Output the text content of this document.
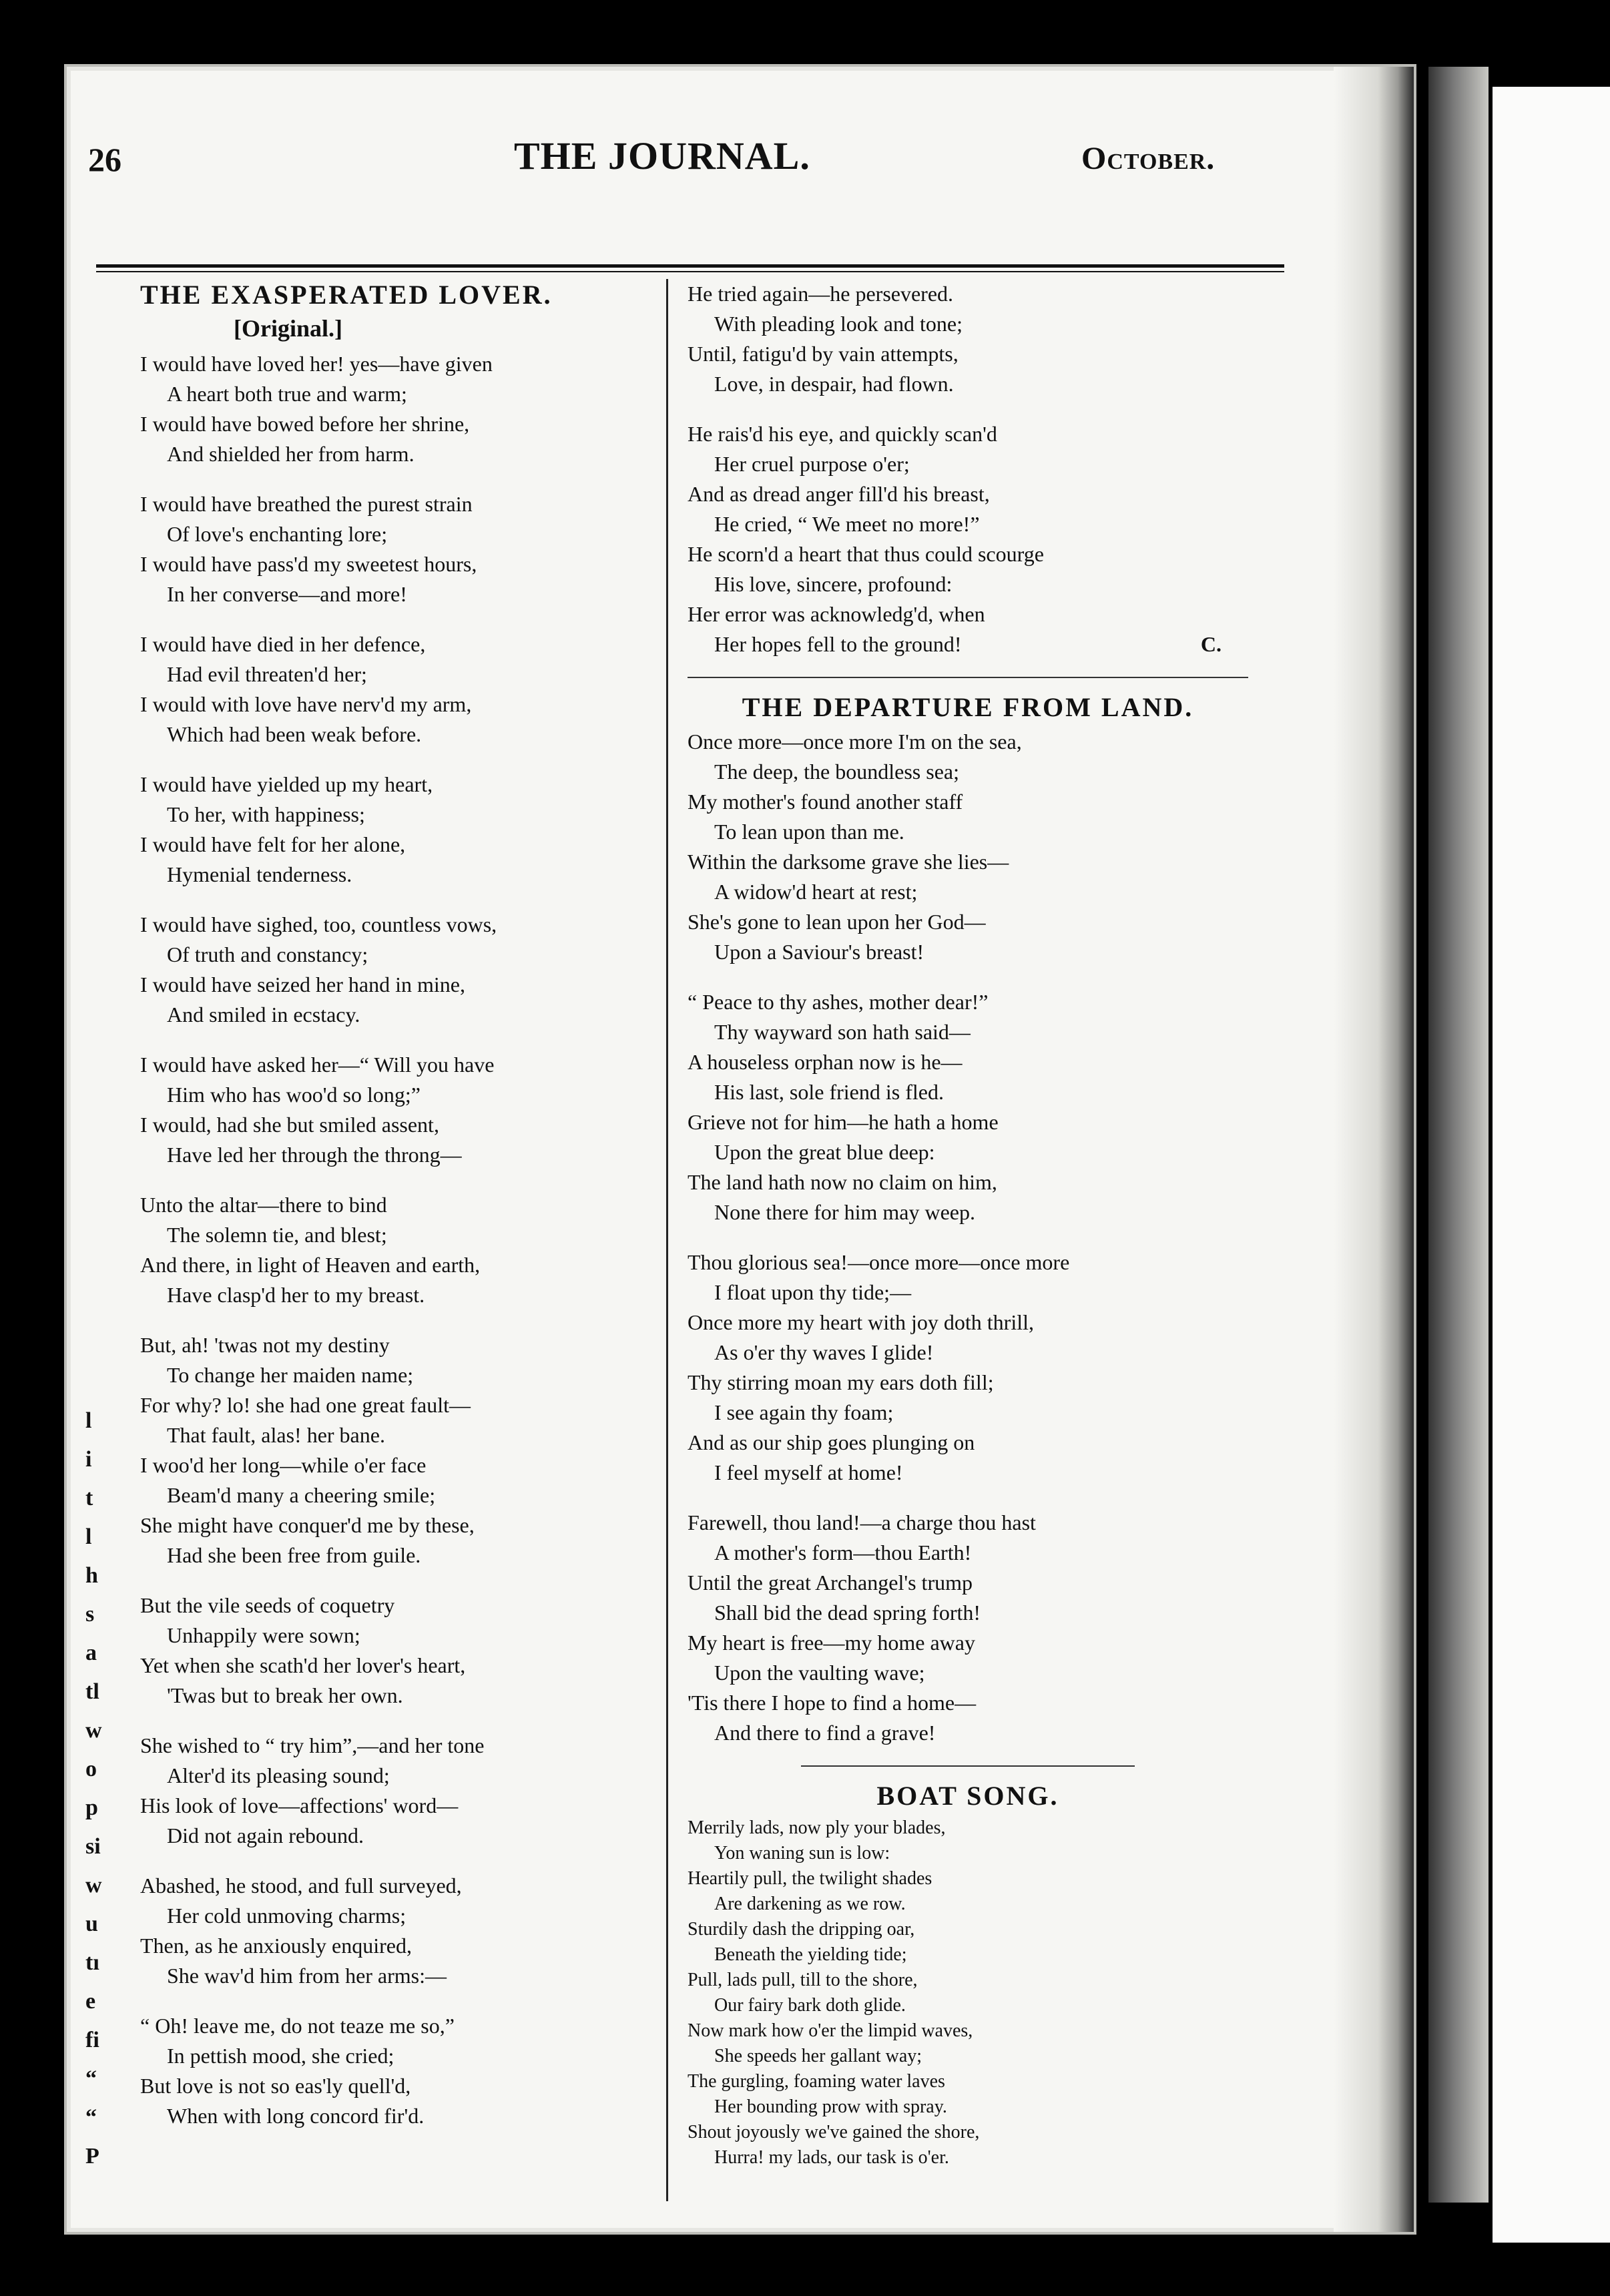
26	THE JOURNAL.	October.
l
i
t
l
h
s
a
tl
w
o
p
si
w
u
tı
e
fi
“
“
P
THE EXASPERATED LOVER.
[Original.]
I would have loved her! yes—have given
A heart both true and warm;
I would have bowed before her shrine,
And shielded her from harm.
I would have breathed the purest strain
Of love's enchanting lore;
I would have pass'd my sweetest hours,
In her converse—and more!
I would have died in her defence,
Had evil threaten'd her;
I would with love have nerv'd my arm,
Which had been weak before.
I would have yielded up my heart,
To her, with happiness;
I would have felt for her alone,
Hymenial tenderness.
I would have sighed, too, countless vows,
Of truth and constancy;
I would have seized her hand in mine,
And smiled in ecstacy.
I would have asked her—“ Will you have
Him who has woo'd so long;”
I would, had she but smiled assent,
Have led her through the throng—
Unto the altar—there to bind
The solemn tie, and blest;
And there, in light of Heaven and earth,
Have clasp'd her to my breast.
But, ah! 'twas not my destiny
To change her maiden name;
For why? lo! she had one great fault—
That fault, alas! her bane.
I woo'd her long—while o'er face
Beam'd many a cheering smile;
She might have conquer'd me by these,
Had she been free from guile.
But the vile seeds of coquetry
Unhappily were sown;
Yet when she scath'd her lover's heart,
'Twas but to break her own.
She wished to “ try him”,—and her tone
Alter'd its pleasing sound;
His look of love—affections' word—
Did not again rebound.
Abashed, he stood, and full surveyed,
Her cold unmoving charms;
Then, as he anxiously enquired,
She wav'd him from her arms:—
“ Oh! leave me, do not teaze me so,”
In pettish mood, she cried;
But love is not so eas'ly quell'd,
When with long concord fir'd.
He tried again—he persevered.
With pleading look and tone;
Until, fatigu'd by vain attempts,
Love, in despair, had flown.
He rais'd his eye, and quickly scan'd
Her cruel purpose o'er;
And as dread anger fill'd his breast,
He cried, “ We meet no more!”
He scorn'd a heart that thus could scourge
His love, sincere, profound:
Her error was acknowledg'd, when
Her hopes fell to the ground!	C.
THE DEPARTURE FROM LAND.
Once more—once more I'm on the sea,
The deep, the boundless sea;
My mother's found another staff
To lean upon than me.
Within the darksome grave she lies—
A widow'd heart at rest;
She's gone to lean upon her God—
Upon a Saviour's breast!
“ Peace to thy ashes, mother dear!”
Thy wayward son hath said—
A houseless orphan now is he—
His last, sole friend is fled.
Grieve not for him—he hath a home
Upon the great blue deep:
The land hath now no claim on him,
None there for him may weep.
Thou glorious sea!—once more—once more
I float upon thy tide;—
Once more my heart with joy doth thrill,
As o'er thy waves I glide!
Thy stirring moan my ears doth fill;
I see again thy foam;
And as our ship goes plunging on
I feel myself at home!
Farewell, thou land!—a charge thou hast
A mother's form—thou Earth!
Until the great Archangel's trump
Shall bid the dead spring forth!
My heart is free—my home away
Upon the vaulting wave;
'Tis there I hope to find a home—
And there to find a grave!
BOAT SONG.
Merrily lads, now ply your blades,
Yon waning sun is low:
Heartily pull, the twilight shades
Are darkening as we row.
Sturdily dash the dripping oar,
Beneath the yielding tide;
Pull, lads pull, till to the shore,
Our fairy bark doth glide.
Now mark how o'er the limpid waves,
She speeds her gallant way;
The gurgling, foaming water laves
Her bounding prow with spray.
Shout joyously we've gained the shore,
Hurra! my lads, our task is o'er.
